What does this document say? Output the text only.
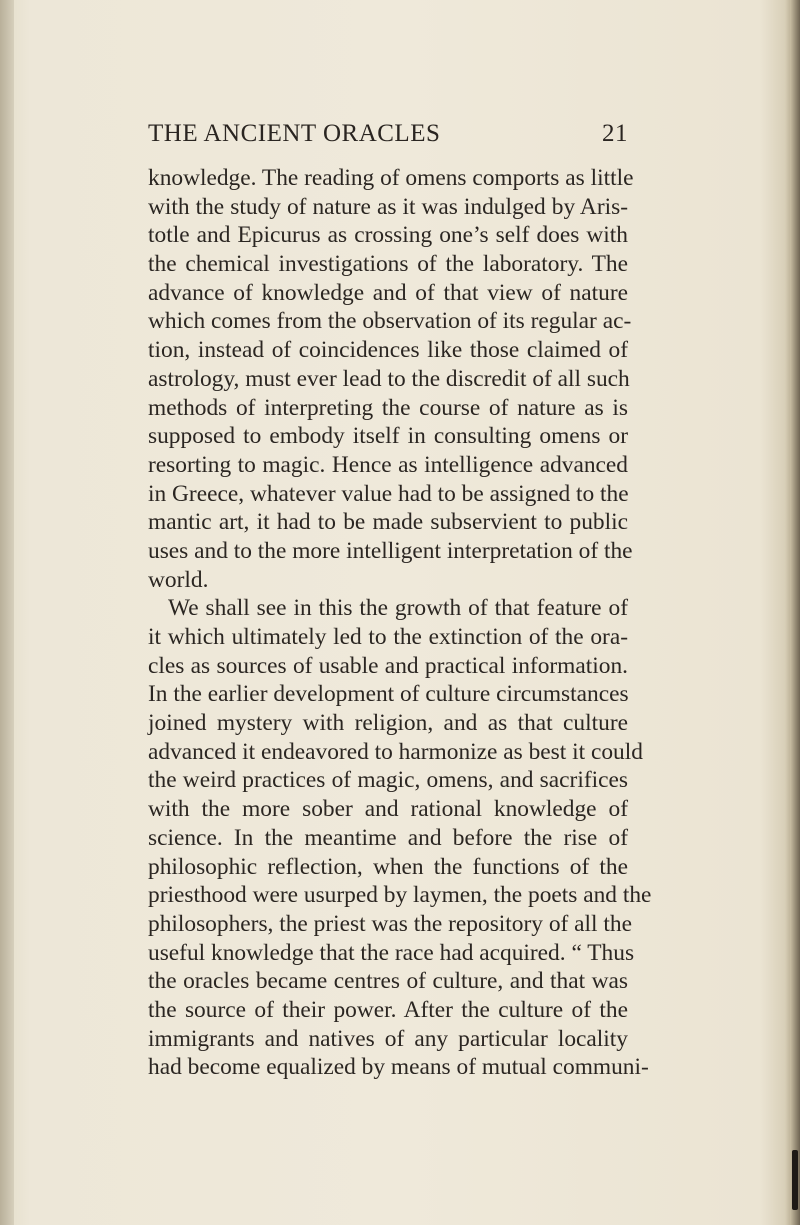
THE ANCIENT ORACLES	21
knowledge. The reading of omens comports as little
with the study of nature as it was indulged by Aris-
totle and Epicurus as crossing one’s self does with
the chemical investigations of the laboratory. The
advance of knowledge and of that view of nature
which comes from the observation of its regular ac-
tion, instead of coincidences like those claimed of
astrology, must ever lead to the discredit of all such
methods of interpreting the course of nature as is
supposed to embody itself in consulting omens or
resorting to magic. Hence as intelligence advanced
in Greece, whatever value had to be assigned to the
mantic art, it had to be made subservient to public
uses and to the more intelligent interpretation of the
world.
We shall see in this the growth of that feature of
it which ultimately led to the extinction of the ora-
cles as sources of usable and practical information.
In the earlier development of culture circumstances
joined mystery with religion, and as that culture
advanced it endeavored to harmonize as best it could
the weird practices of magic, omens, and sacrifices
with the more sober and rational knowledge of
science. In the meantime and before the rise of
philosophic reflection, when the functions of the
priesthood were usurped by laymen, the poets and the
philosophers, the priest was the repository of all the
useful knowledge that the race had acquired. “ Thus
the oracles became centres of culture, and that was
the source of their power. After the culture of the
immigrants and natives of any particular locality
had become equalized by means of mutual communi-
